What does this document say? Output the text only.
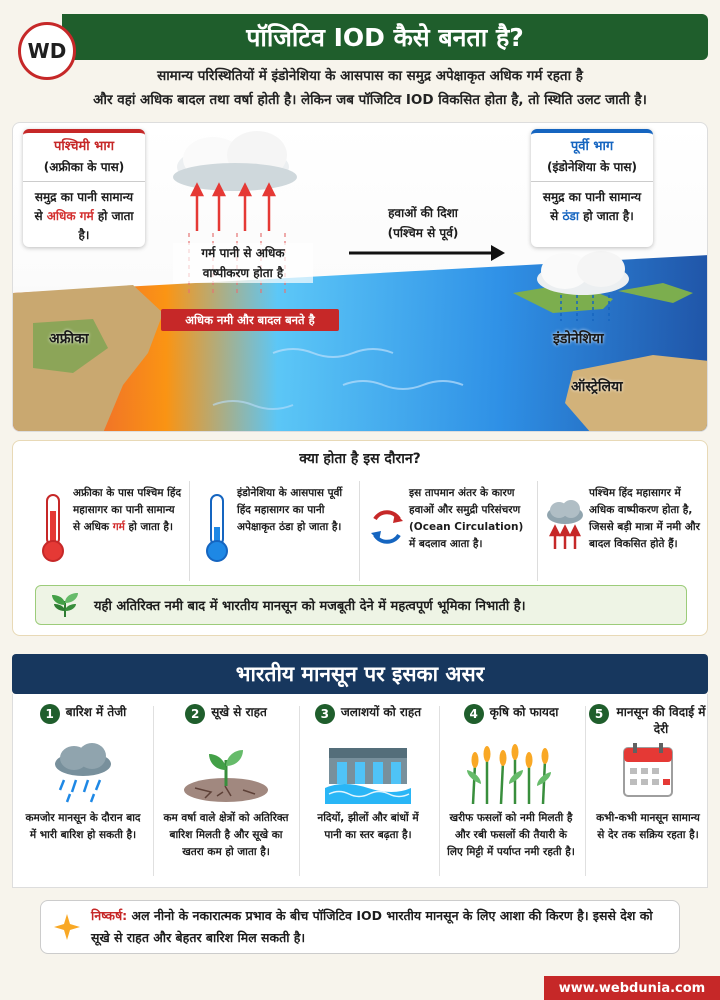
पॉजिटिव IOD कैसे बनता है?
WD
सामान्य परिस्थितियों में इंडोनेशिया के आसपास का समुद्र अपेक्षाकृत अधिक गर्म रहता है
और वहां अधिक बादल तथा वर्षा होती है। लेकिन जब पॉजिटिव IOD विकसित होता है, तो स्थिति उलट जाती है।
पश्चिमी भाग
(अफ्रीका के पास)
समुद्र का पानी सामान्य से अधिक गर्म हो जाता है।
पूर्वी भाग
(इंडोनेशिया के पास)
समुद्र का पानी सामान्य से ठंडा हो जाता है।
हवाओं की दिशा
(पश्चिम से पूर्व)
गर्म पानी से अधिक
वाष्पीकरण होता है
अधिक नमी और बादल बनते है
अफ्रीका	इंडोनेशिया
ऑस्ट्रेलिया
क्या होता है इस दौरान?
अफ्रीका के पास पश्चिम हिंद महासागर का पानी सामान्य से अधिक गर्म हो जाता है।
इंडोनेशिया के आसपास पूर्वी हिंद महासागर का पानी अपेक्षाकृत ठंडा हो जाता है।
इस तापमान अंतर के कारण हवाओं और समुद्री परिसंचरण (Ocean Circulation) में बदलाव आता है।
पश्चिम हिंद महासागर में अधिक वाष्पीकरण होता है, जिससे बड़ी मात्रा में नमी और बादल विकसित होते हैं।
यही अतिरिक्त नमी बाद में भारतीय मानसून को मजबूती देने में महत्वपूर्ण भूमिका निभाती है।
भारतीय मानसून पर इसका असर
1 बारिश में तेजी
कमजोर मानसून के दौरान बाद में भारी बारिश हो सकती है।
2 सूखे से राहत
कम वर्षा वाले क्षेत्रों को अतिरिक्त बारिश मिलती है और सूखे का खतरा कम हो जाता है।
3 जलाशयों को राहत
नदियों, झीलों और बांधों में पानी का स्तर बढ़ता है।
4 कृषि को फायदा
खरीफ फसलों को नमी मिलती है और रबी फसलों की तैयारी के लिए मिट्टी में पर्याप्त नमी रहती है।
5	मानसून की विदाई में देरी
कभी-कभी मानसून सामान्य से देर तक सक्रिय रहता है।
निष्कर्ष: अल नीनो के नकारात्मक प्रभाव के बीच पॉजिटिव IOD भारतीय मानसून के लिए आशा की किरण है। इससे देश को सूखे से राहत और बेहतर बारिश मिल सकती है।
www.webdunia.com
